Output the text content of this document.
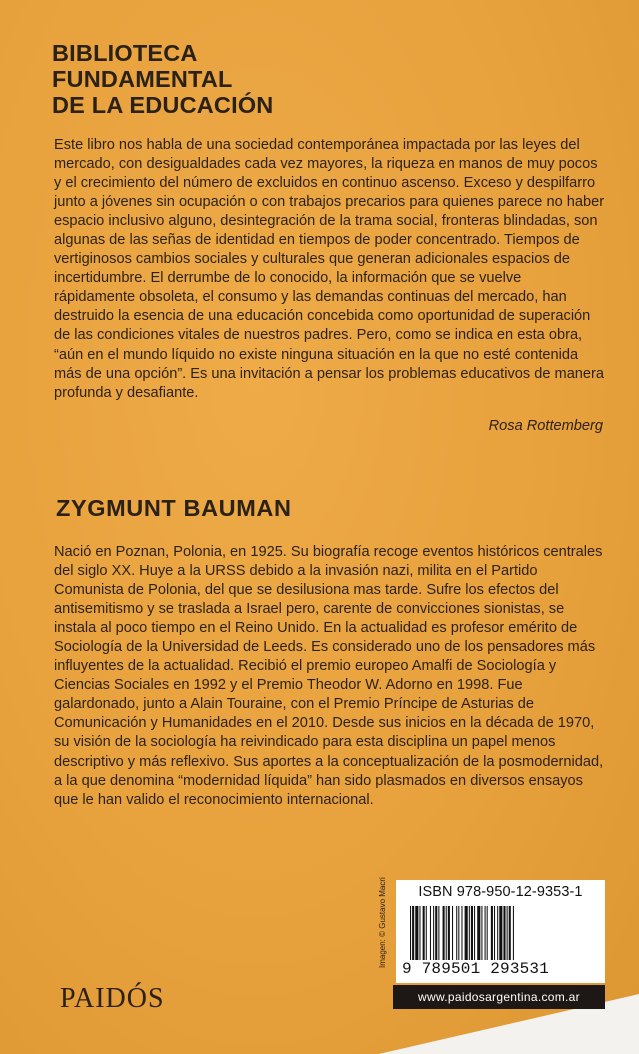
BIBLIOTECA
FUNDAMENTAL
DE LA EDUCACIÓN
Este libro nos habla de una sociedad contemporánea impactada por las leyes del mercado, con desigualdades cada vez mayores, la riqueza en manos de muy pocos y el crecimiento del número de excluidos en continuo ascenso. Exceso y despilfarro junto a jóvenes sin ocupación o con trabajos precarios para quienes parece no haber espacio inclusivo alguno, desintegración de la trama social, fronteras blindadas, son algunas de las señas de identidad en tiempos de poder concentrado. Tiempos de vertiginosos cambios sociales y culturales que generan adicionales espacios de incertidumbre. El derrumbe de lo conocido, la información que se vuelve rápidamente obsoleta, el consumo y las demandas continuas del mercado, han destruido la esencia de una educación concebida como oportunidad de superación de las condiciones vitales de nuestros padres. Pero, como se indica en esta obra, “aún en el mundo líquido no existe ninguna situación en la que no esté contenida más de una opción”. Es una invitación a pensar los problemas educativos de manera profunda y desafiante.
Rosa Rottemberg
ZYGMUNT BAUMAN
Nació en Poznan, Polonia, en 1925. Su biografía recoge eventos históricos centrales del siglo XX. Huye a la URSS debido a la invasión nazi, milita en el Partido Comunista de Polonia, del que se desilusiona mas tarde. Sufre los efectos del antisemitismo y se traslada a Israel pero, carente de convicciones sionistas, se instala al poco tiempo en el Reino Unido. En la actualidad es profesor emérito de Sociología de la Universidad de Leeds. Es considerado uno de los pensadores más influyentes de la actualidad. Recibió el premio europeo Amalfi de Sociología y Ciencias Sociales en 1992 y el Premio Theodor W. Adorno en 1998. Fue galardonado, junto a Alain Touraine, con el Premio Príncipe de Asturias de Comunicación y Humanidades en el 2010. Desde sus inicios en la década de 1970, su visión de la sociología ha reivindicado para esta disciplina un papel menos descriptivo y más reflexivo. Sus aportes a la conceptualización de la posmodernidad, a la que denomina “modernidad líquida” han sido plasmados en diversos ensayos que le han valido el reconocimiento internacional.
Imagen: © Gustavo Macri	ISBN 978-950-12-9353-1
9 789501 293531
www.paidosargentina.com.ar
PAIDÓS
